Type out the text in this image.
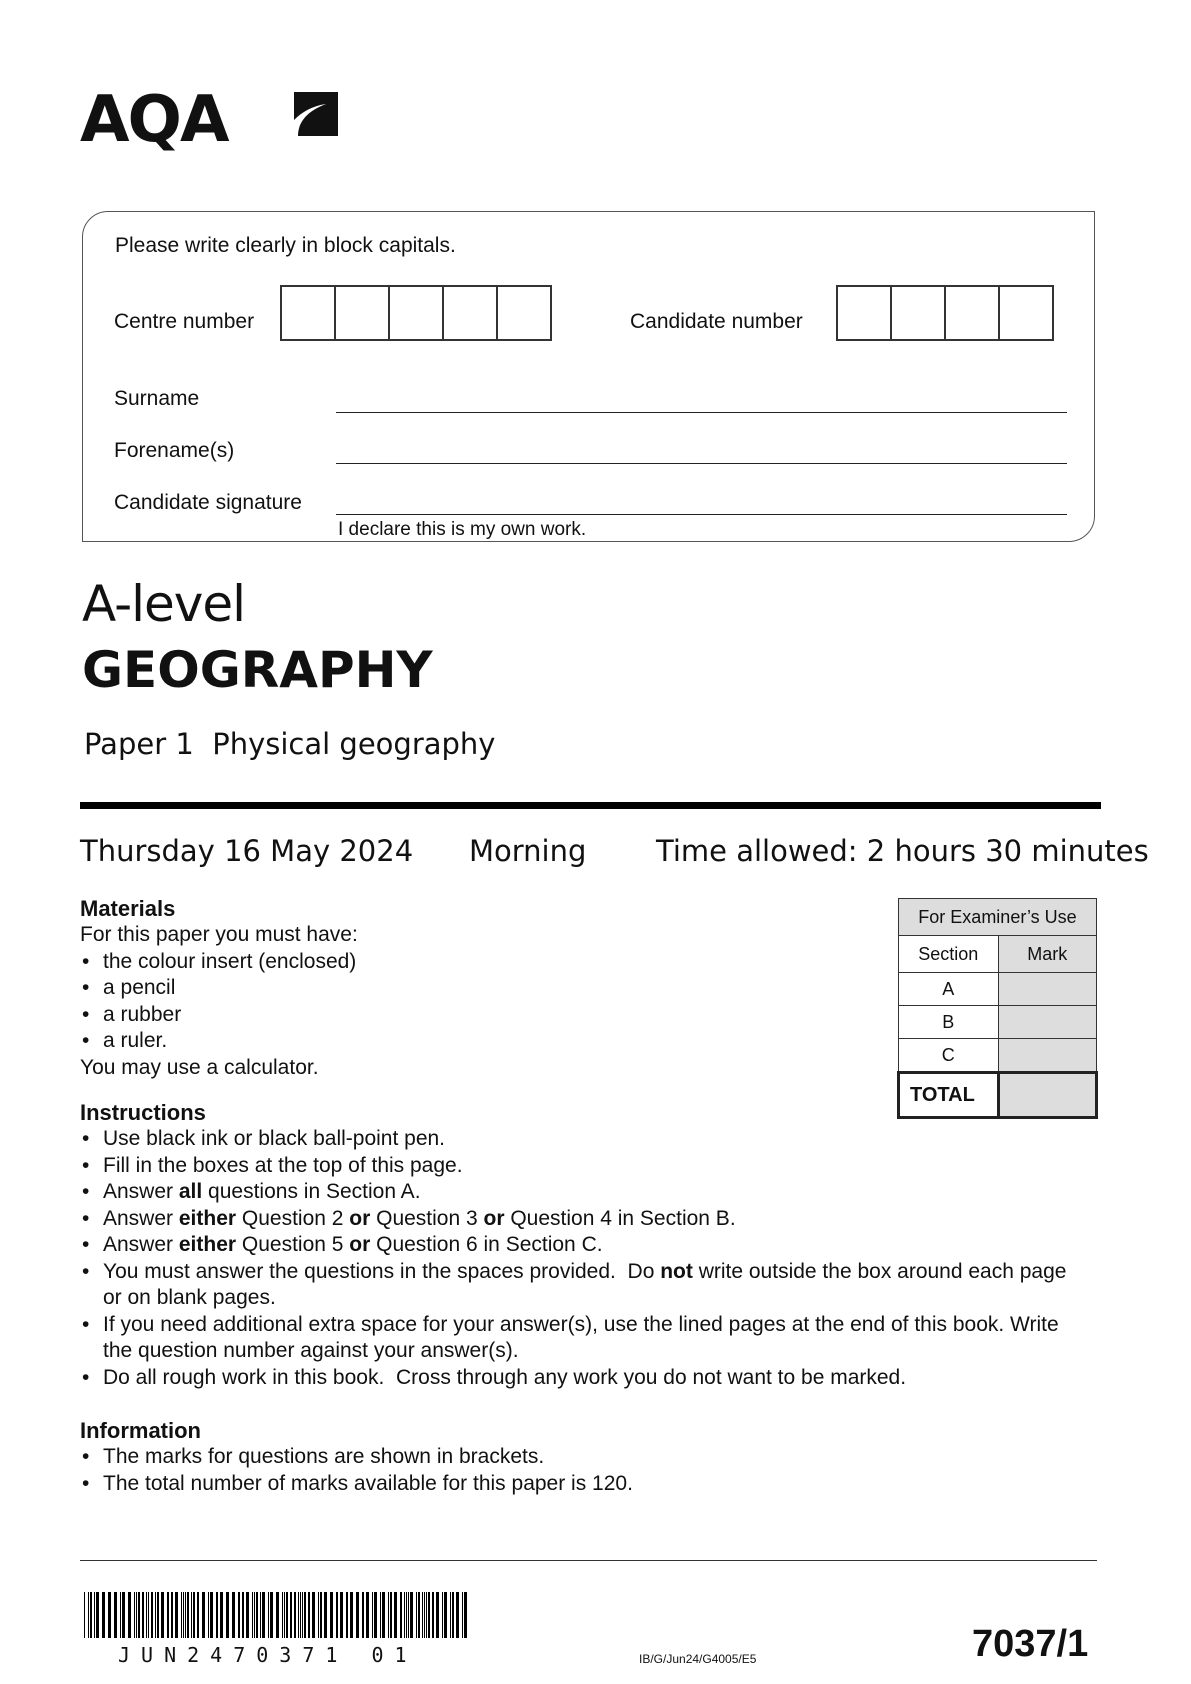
AQA
Please write clearly in block capitals.
Centre number	Candidate number
Surname
Forename(s)
Candidate signature
I declare this is my own work.
A-level
GEOGRAPHY
Paper 1  Physical geography
Thursday 16 May 2024 Morning Time allowed: 2 hours 30 minutes
Materials
For this paper you must have:
• the colour insert (enclosed)
• a pencil
• a rubber
• a ruler.
You may use a calculator.
For Examiner’s Use	
Section	Mark
A	
B	
C	
TOTAL	
Instructions
• Use black ink or black ball-point pen.
• Fill in the boxes at the top of this page.
• Answer all questions in Section A.
• Answer either Question 2 or Question 3 or Question 4 in Section B.
• Answer either Question 5 or Question 6 in Section C.
• You must answer the questions in the spaces provided.  Do not write outside the box around each page or on blank pages.
• If you need additional extra space for your answer(s), use the lined pages at the end of this book. Write the question number against your answer(s).
• Do all rough work in this book.  Cross through any work you do not want to be marked.
Information
• The marks for questions are shown in brackets.
• The total number of marks available for this paper is 120.
JUN2470371 01	IB/G/Jun24/G4005/E5	7037/1
